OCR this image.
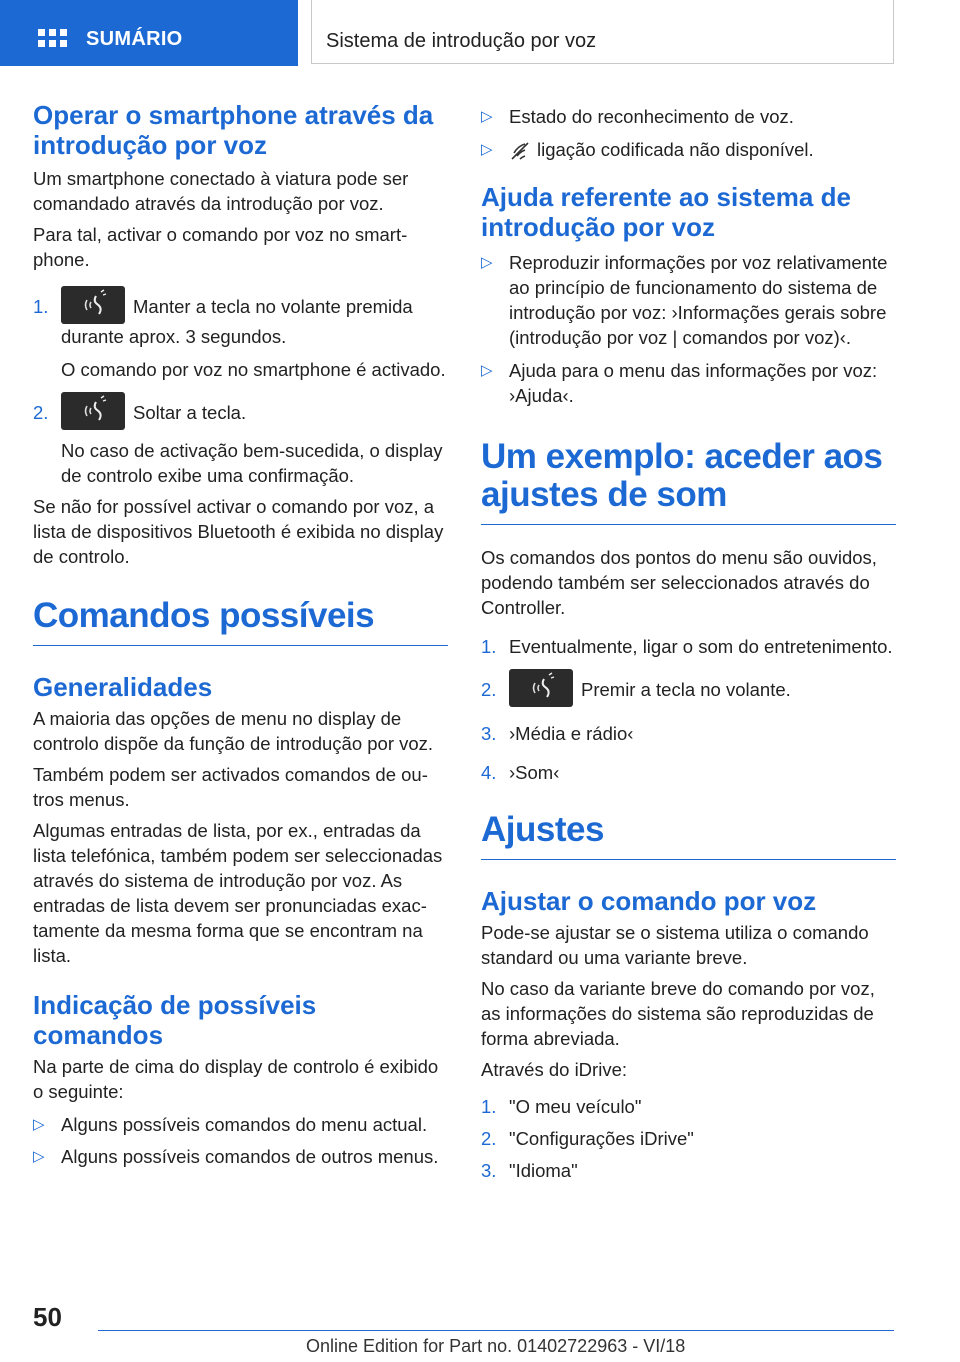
SUMÁRIO	Sistema de introdução por voz
Operar o smartphone através da introdução por voz

Um smartphone conectado à viatura pode ser comandado através da introdução por voz.

Para tal, activar o comando por voz no smartphone.

1.	Manter a tecla no volante premida durante aprox. 3 segundos.

O comando por voz no smartphone é activado.

2.	Soltar a tecla.

No caso de activação bem-sucedida, o display de controlo exibe uma confirmação.

Se não for possível activar o comando por voz, a lista de dispositivos Bluetooth é exibida no display de controlo.

Comandos possíveis
Generalidades

A maioria das opções de menu no display de controlo dispõe da função de introdução por voz.

Também podem ser activados comandos de outros menus.

Algumas entradas de lista, por ex., entradas da lista telefónica, também podem ser seleccionadas através do sistema de introdução por voz. As entradas de lista devem ser pronunciadas exactamente da mesma forma que se encontram na lista.

Indicação de possíveis comandos

Na parte de cima do display de controlo é exibido o seguinte:

▷ Alguns possíveis comandos do menu actual.

▷ Alguns possíveis comandos de outros menus.

▷ Estado do reconhecimento de voz.

▷	ligação codificada não disponível.

Ajuda referente ao sistema de introdução por voz
▷ Reproduzir informações por voz relativamente ao princípio de funcionamento do sistema de introdução por voz: ›Informações gerais sobre (introdução por voz | comandos por voz)‹.

▷ Ajuda para o menu das informações por voz: ›Ajuda‹.

Um exemplo: aceder aos ajustes de som

Os comandos dos pontos do menu são ouvidos, podendo também ser seleccionados através do Controller.

1. Eventualmente, ligar o som do entretenimento.

2.	Premir a tecla no volante.

3. ›Média e rádio‹

4. ›Som‹

Ajustes
Ajustar o comando por voz

Pode-se ajustar se o sistema utiliza o comando standard ou uma variante breve.

No caso da variante breve do comando por voz, as informações do sistema são reproduzidas de forma abreviada.

Através do iDrive:

1. "O meu veículo"

2. "Configurações iDrive"

3. "Idioma"

50
Online Edition for Part no. 01402722963 - VI/18
